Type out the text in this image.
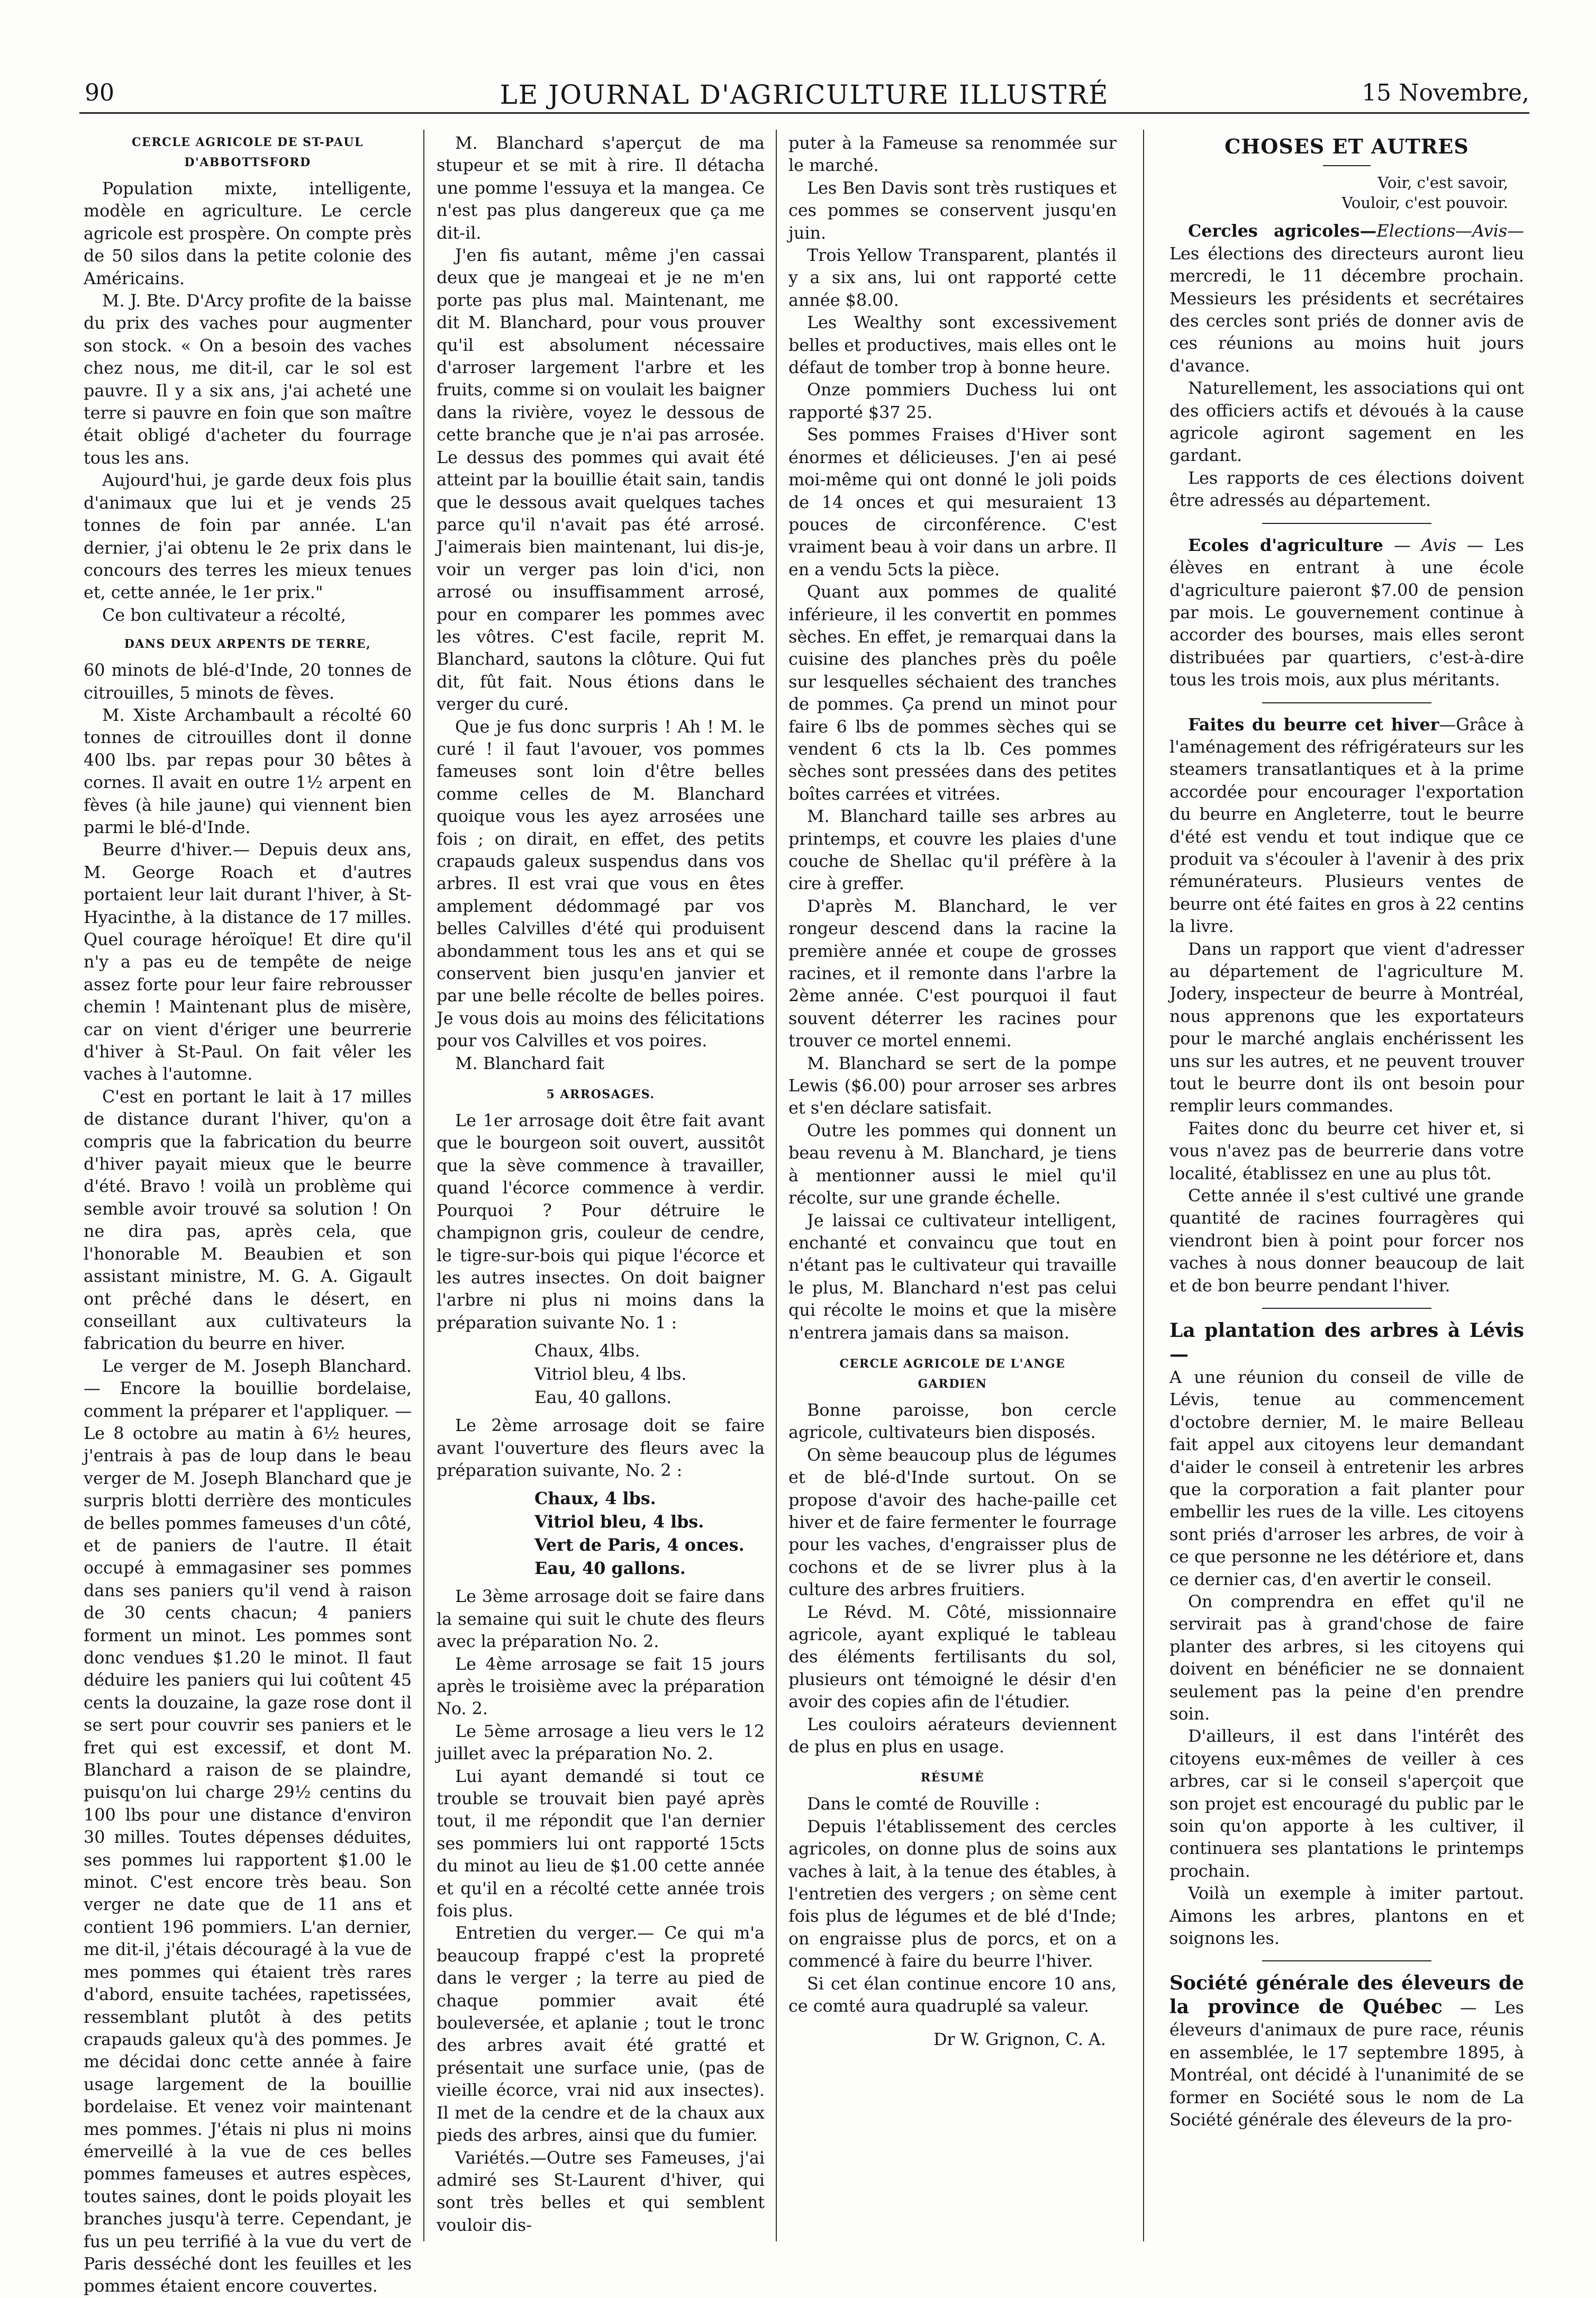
90	LE JOURNAL D'AGRICULTURE ILLUSTRÉ	15 Novembre,
CERCLE AGRICOLE DE ST-PAUL D'ABBOTTSFORD

Population mixte, intelligente, modèle en agriculture. Le cercle agricole est prospère. On compte près de 50 silos dans la petite colonie des Américains.

M. J. Bte. D'Arcy profite de la baisse du prix des vaches pour augmenter son stock. « On a besoin des vaches chez nous, me dit-il, car le sol est pauvre. Il y a six ans, j'ai acheté une terre si pauvre en foin que son maître était obligé d'acheter du fourrage tous les ans.

Aujourd'hui, je garde deux fois plus d'animaux que lui et je vends 25 tonnes de foin par année. L'an dernier, j'ai obtenu le 2e prix dans le concours des terres les mieux tenues et, cette année, le 1er prix."

Ce bon cultivateur a récolté,

DANS DEUX ARPENTS DE TERRE,

60 minots de blé-d'Inde, 20 tonnes de citrouilles, 5 minots de fèves.

M. Xiste Archambault a récolté 60 tonnes de citrouilles dont il donne 400 lbs. par repas pour 30 bêtes à cornes. Il avait en outre 1½ arpent en fèves (à hile jaune) qui viennent bien parmi le blé-d'Inde.

Beurre d'hiver.— Depuis deux ans, M. George Roach et d'autres portaient leur lait durant l'hiver, à St-Hyacinthe, à la distance de 17 milles. Quel courage héroïque! Et dire qu'il n'y a pas eu de tempête de neige assez forte pour leur faire rebrousser chemin ! Maintenant plus de misère, car on vient d'ériger une beurrerie d'hiver à St-Paul. On fait vêler les vaches à l'automne.

C'est en portant le lait à 17 milles de distance durant l'hiver, qu'on a compris que la fabrication du beurre d'hiver payait mieux que le beurre d'été. Bravo ! voilà un problème qui semble avoir trouvé sa solution ! On ne dira pas, après cela, que l'honorable M. Beaubien et son assistant ministre, M. G. A. Gigault ont prêché dans le désert, en conseillant aux cultivateurs la fabrication du beurre en hiver.

Le verger de M. Joseph Blanchard.— Encore la bouillie bordelaise, comment la préparer et l'appliquer. — Le 8 octobre au matin à 6½ heures, j'entrais à pas de loup dans le beau verger de M. Joseph Blanchard que je surpris blotti derrière des monticules de belles pommes fameuses d'un côté, et de paniers de l'autre. Il était occupé à emmagasiner ses pommes dans ses paniers qu'il vend à raison de 30 cents chacun; 4 paniers forment un minot. Les pommes sont donc vendues $1.20 le minot. Il faut déduire les paniers qui lui coûtent 45 cents la douzaine, la gaze rose dont il se sert pour couvrir ses paniers et le fret qui est excessif, et dont M. Blanchard a raison de se plaindre, puisqu'on lui charge 29½ centins du 100 lbs pour une distance d'environ 30 milles. Toutes dépenses déduites, ses pommes lui rapportent $1.00 le minot. C'est encore très beau. Son verger ne date que de 11 ans et contient 196 pommiers. L'an dernier, me dit-il, j'étais découragé à la vue de mes pommes qui étaient très rares d'abord, ensuite tachées, rapetissées, ressemblant plutôt à des petits crapauds galeux qu'à des pommes. Je me décidai donc cette année à faire usage largement de la bouillie bordelaise. Et venez voir maintenant mes pommes. J'étais ni plus ni moins émerveillé à la vue de ces belles pommes fameuses et autres espèces, toutes saines, dont le poids ployait les branches jusqu'à terre. Cependant, je fus un peu terrifié à la vue du vert de Paris desséché dont les feuilles et les pommes étaient encore couvertes.

M. Blanchard s'aperçut de ma stupeur et se mit à rire. Il détacha une pomme l'essuya et la mangea. Ce n'est pas plus dangereux que ça me dit-il.

J'en fis autant, même j'en cassai deux que je mangeai et je ne m'en porte pas plus mal. Maintenant, me dit M. Blanchard, pour vous prouver qu'il est absolument nécessaire d'arroser largement l'arbre et les fruits, comme si on voulait les baigner dans la rivière, voyez le dessous de cette branche que je n'ai pas arrosée. Le dessus des pommes qui avait été atteint par la bouillie était sain, tandis que le dessous avait quelques taches parce qu'il n'avait pas été arrosé. J'aimerais bien maintenant, lui dis-je, voir un verger pas loin d'ici, non arrosé ou insuffisamment arrosé, pour en comparer les pommes avec les vôtres. C'est facile, reprit M. Blanchard, sautons la clôture. Qui fut dit, fût fait. Nous étions dans le verger du curé.

Que je fus donc surpris ! Ah ! M. le curé ! il faut l'avouer, vos pommes fameuses sont loin d'être belles comme celles de M. Blanchard quoique vous les ayez arrosées une fois ; on dirait, en effet, des petits crapauds galeux suspendus dans vos arbres. Il est vrai que vous en êtes amplement dédommagé par vos belles Calvilles d'été qui produisent abondamment tous les ans et qui se conservent bien jusqu'en janvier et par une belle récolte de belles poires. Je vous dois au moins des félicitations pour vos Calvilles et vos poires.

M. Blanchard fait

5 ARROSAGES.

Le 1er arrosage doit être fait avant que le bourgeon soit ouvert, aussitôt que la sève commence à travailler, quand l'écorce commence à verdir. Pourquoi ? Pour détruire le champignon gris, couleur de cendre, le tigre-sur-bois qui pique l'écorce et les autres insectes. On doit baigner l'arbre ni plus ni moins dans la préparation suivante No. 1 :

Chaux, 4lbs.
Vitriol bleu, 4 lbs.
Eau, 40 gallons.

Le 2ème arrosage doit se faire avant l'ouverture des fleurs avec la préparation suivante, No. 2 :

Chaux, 4 lbs.
Vitriol bleu, 4 lbs.
Vert de Paris, 4 onces.
Eau, 40 gallons.

Le 3ème arrosage doit se faire dans la semaine qui suit le chute des fleurs avec la préparation No. 2.

Le 4ème arrosage se fait 15 jours après le troisième avec la préparation No. 2.

Le 5ème arrosage a lieu vers le 12 juillet avec la préparation No. 2.

Lui ayant demandé si tout ce trouble se trouvait bien payé après tout, il me répondit que l'an dernier ses pommiers lui ont rapporté 15cts du minot au lieu de $1.00 cette année et qu'il en a récolté cette année trois fois plus.

Entretien du verger.— Ce qui m'a beaucoup frappé c'est la propreté dans le verger ; la terre au pied de chaque pommier avait été bouleversée, et aplanie ; tout le tronc des arbres avait été gratté et présentait une surface unie, (pas de vieille écorce, vrai nid aux insectes). Il met de la cendre et de la chaux aux pieds des arbres, ainsi que du fumier.

Variétés.—Outre ses Fameuses, j'ai admiré ses St-Laurent d'hiver, qui sont très belles et qui semblent vouloir dis-

puter à la Fameuse sa renommée sur le marché.

Les Ben Davis sont très rustiques et ces pommes se conservent jusqu'en juin.

Trois Yellow Transparent, plantés il y a six ans, lui ont rapporté cette année $8.00.

Les Wealthy sont excessivement belles et productives, mais elles ont le défaut de tomber trop à bonne heure.

Onze pommiers Duchess lui ont rapporté $37 25.

Ses pommes Fraises d'Hiver sont énormes et délicieuses. J'en ai pesé moi-même qui ont donné le joli poids de 14 onces et qui mesuraient 13 pouces de circonférence. C'est vraiment beau à voir dans un arbre. Il en a vendu 5cts la pièce.

Quant aux pommes de qualité inférieure, il les convertit en pommes sèches. En effet, je remarquai dans la cuisine des planches près du poêle sur lesquelles séchaient des tranches de pommes. Ça prend un minot pour faire 6 lbs de pommes sèches qui se vendent 6 cts la lb. Ces pommes sèches sont pressées dans des petites boîtes carrées et vitrées.

M. Blanchard taille ses arbres au printemps, et couvre les plaies d'une couche de Shellac qu'il préfère à la cire à greffer.

D'après M. Blanchard, le ver rongeur descend dans la racine la première année et coupe de grosses racines, et il remonte dans l'arbre la 2ème année. C'est pourquoi il faut souvent déterrer les racines pour trouver ce mortel ennemi.

M. Blanchard se sert de la pompe Lewis ($6.00) pour arroser ses arbres et s'en déclare satisfait.

Outre les pommes qui donnent un beau revenu à M. Blanchard, je tiens à mentionner aussi le miel qu'il récolte, sur une grande échelle.

Je laissai ce cultivateur intelligent, enchanté et convaincu que tout en n'étant pas le cultivateur qui travaille le plus, M. Blanchard n'est pas celui qui récolte le moins et que la misère n'entrera jamais dans sa maison.

CERCLE AGRICOLE DE L'ANGE GARDIEN

Bonne paroisse, bon cercle agricole, cultivateurs bien disposés.

On sème beaucoup plus de légumes et de blé-d'Inde surtout. On se propose d'avoir des hache-paille cet hiver et de faire fermenter le fourrage pour les vaches, d'engraisser plus de cochons et de se livrer plus à la culture des arbres fruitiers.

Le Révd. M. Côté, missionnaire agricole, ayant expliqué le tableau des éléments fertilisants du sol, plusieurs ont témoigné le désir d'en avoir des copies afin de l'étudier.

Les couloirs aérateurs deviennent de plus en plus en usage.

RÉSUMÉ

Dans le comté de Rouville :

Depuis l'établissement des cercles agricoles, on donne plus de soins aux vaches à lait, à la tenue des étables, à l'entretien des vergers ; on sème cent fois plus de légumes et de blé d'Inde; on engraisse plus de porcs, et on a commencé à faire du beurre l'hiver.

Si cet élan continue encore 10 ans, ce comté aura quadruplé sa valeur.

Dr W. Grignon, C. A.
CHOSES ET AUTRES
Voir, c'est savoir,
Vouloir, c'est pouvoir.

Cercles agricoles—Elections—Avis— Les élections des directeurs auront lieu mercredi, le 11 décembre prochain. Messieurs les présidents et secrétaires des cercles sont priés de donner avis de ces réunions au moins huit jours d'avance.

Naturellement, les associations qui ont des officiers actifs et dévoués à la cause agricole agiront sagement en les gardant.

Les rapports de ces élections doivent être adressés au département.

Ecoles d'agriculture — Avis — Les élèves en entrant à une école d'agriculture paieront $7.00 de pension par mois. Le gouvernement continue à accorder des bourses, mais elles seront distribuées par quartiers, c'est-à-dire tous les trois mois, aux plus méritants.

Faites du beurre cet hiver—Grâce à l'aménagement des réfrigérateurs sur les steamers transatlantiques et à la prime accordée pour encourager l'exportation du beurre en Angleterre, tout le beurre d'été est vendu et tout indique que ce produit va s'écouler à l'avenir à des prix rémunérateurs. Plusieurs ventes de beurre ont été faites en gros à 22 centins la livre.

Dans un rapport que vient d'adresser au département de l'agriculture M. Jodery, inspecteur de beurre à Montréal, nous apprenons que les exportateurs pour le marché anglais enchérissent les uns sur les autres, et ne peuvent trouver tout le beurre dont ils ont besoin pour remplir leurs commandes.

Faites donc du beurre cet hiver et, si vous n'avez pas de beurrerie dans votre localité, établissez en une au plus tôt.

Cette année il s'est cultivé une grande quantité de racines fourragères qui viendront bien à point pour forcer nos vaches à nous donner beaucoup de lait et de bon beurre pendant l'hiver.

La plantation des arbres à Lévis—

A une réunion du conseil de ville de Lévis, tenue au commencement d'octobre dernier, M. le maire Belleau fait appel aux citoyens leur demandant d'aider le conseil à entretenir les arbres que la corporation a fait planter pour embellir les rues de la ville. Les citoyens sont priés d'arroser les arbres, de voir à ce que personne ne les détériore et, dans ce dernier cas, d'en avertir le conseil.

On comprendra en effet qu'il ne servirait pas à grand'chose de faire planter des arbres, si les citoyens qui doivent en bénéficier ne se donnaient seulement pas la peine d'en prendre soin.

D'ailleurs, il est dans l'intérêt des citoyens eux-mêmes de veiller à ces arbres, car si le conseil s'aperçoit que son projet est encouragé du public par le soin qu'on apporte à les cultiver, il continuera ses plantations le printemps prochain.

Voilà un exemple à imiter partout. Aimons les arbres, plantons en et soignons les.

Société générale des éleveurs de la province de Québec — Les éleveurs d'animaux de pure race, réunis en assemblée, le 17 septembre 1895, à Montréal, ont décidé à l'unanimité de se former en Société sous le nom de La Société générale des éleveurs de la pro-
